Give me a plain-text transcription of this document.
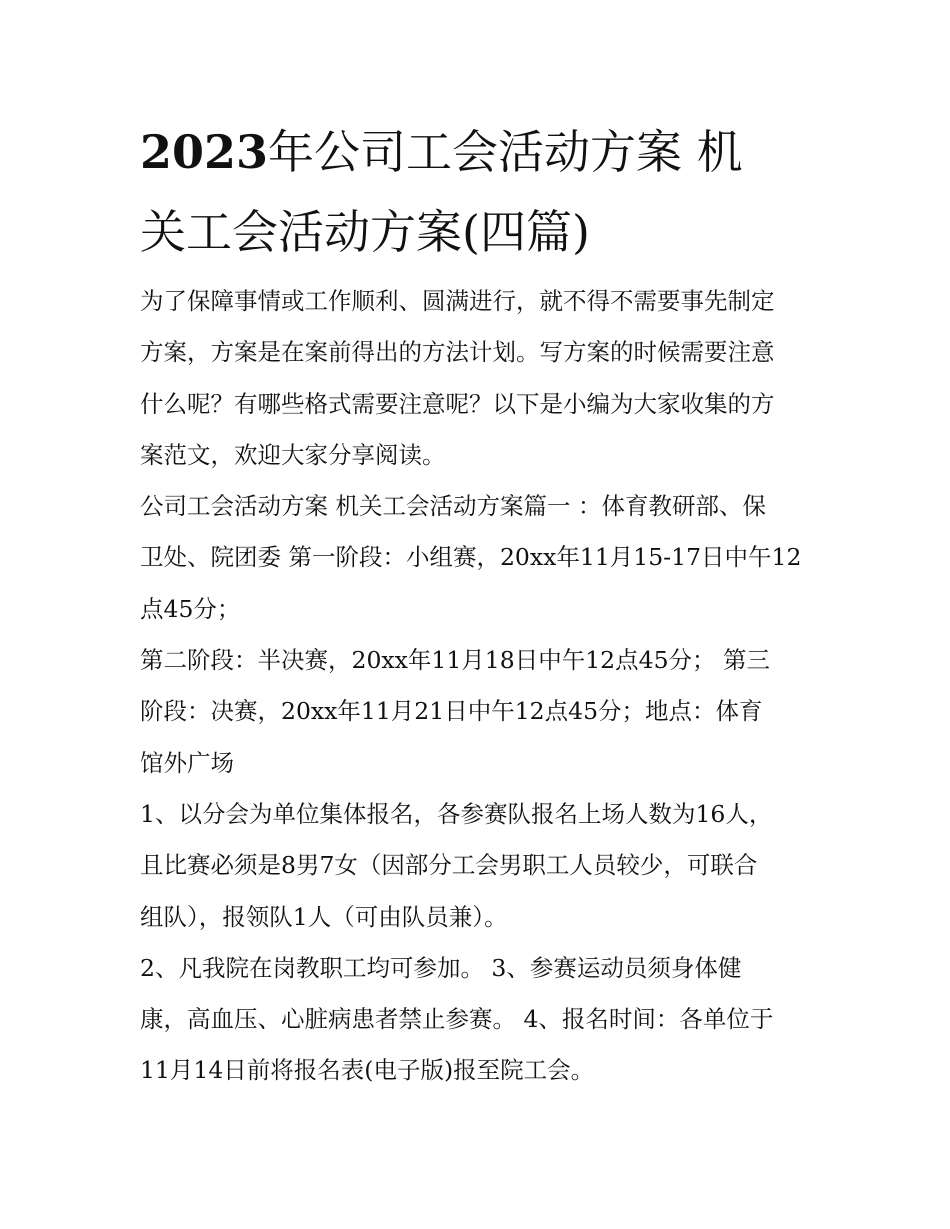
2023年公司工会活动方案 机
关工会活动方案(四篇)

为了保障事情或工作顺利、圆满进行，就不得不需要事先制定
方案，方案是在案前得出的方法计划。写方案的时候需要注意
什么呢？有哪些格式需要注意呢？以下是小编为大家收集的方
案范文，欢迎大家分享阅读。

公司工会活动方案 机关工会活动方案篇一 ：体育教研部、保
卫处、院团委 第一阶段：小组赛，20xx年11月15-17日中午12
点45分；

第二阶段：半决赛，20xx年11月18日中午12点45分； 第三
阶段：决赛，20xx年11月21日中午12点45分；地点：体育
馆外广场

1、以分会为单位集体报名，各参赛队报名上场人数为16人，
且比赛必须是8男7女（因部分工会男职工人员较少，可联合
组队），报领队1人（可由队员兼）。

2、凡我院在岗教职工均可参加。 3、参赛运动员须身体健
康，高血压、心脏病患者禁止参赛。 4、报名时间：各单位于
11月14日前将报名表(电子版)报至院工会。
